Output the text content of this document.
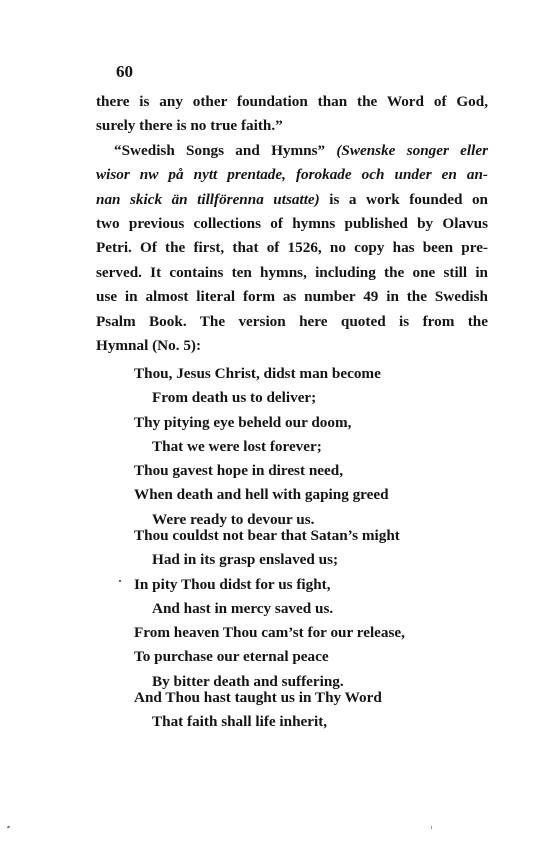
60
there is any other foundation than the Word of God,
surely there is no true faith.”
“Swedish Songs and Hymns” (Swenske songer eller
wisor nw på nytt prentade, forokade och under en an-
nan skick än tillförenna utsatte) is a work founded on
two previous collections of hymns published by Olavus
Petri. Of the first, that of 1526, no copy has been pre-
served. It contains ten hymns, including the one still in
use in almost literal form as number 49 in the Swedish
Psalm Book. The version here quoted is from the
Hymnal (No. 5):
Thou, Jesus Christ, didst man become
From death us to deliver;
Thy pitying eye beheld our doom,
That we were lost forever;
Thou gavest hope in direst need,
When death and hell with gaping greed
Were ready to devour us.
Thou couldst not bear that Satan’s might
Had in its grasp enslaved us;
In pity Thou didst for us fight,
And hast in mercy saved us.
From heaven Thou cam’st for our release,
To purchase our eternal peace
By bitter death and suffering.
And Thou hast taught us in Thy Word
That faith shall life inherit,
